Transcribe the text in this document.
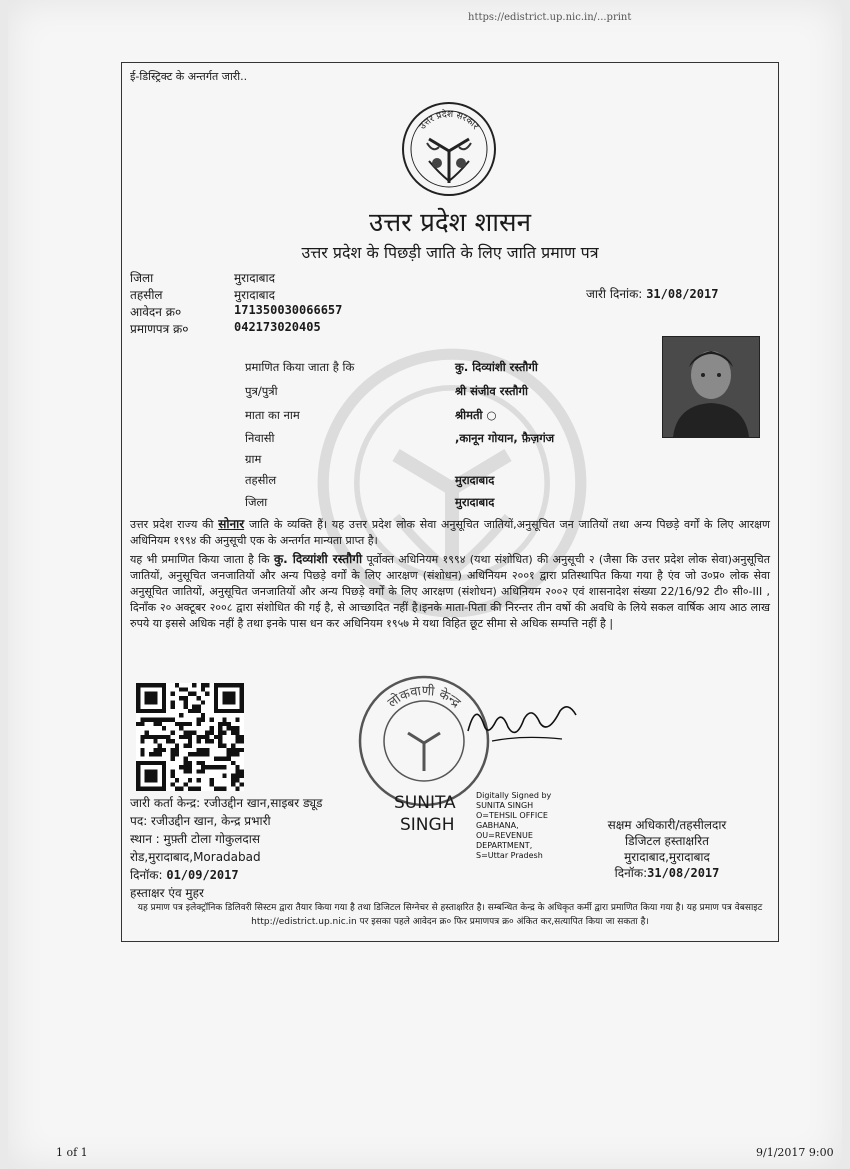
https://edistrict.up.nic.in/...print
ई-डिस्ट्रिक्ट के अन्तर्गत जारी..
उत्तर प्रदेश सरकार
उत्तर प्रदेश शासन
उत्तर प्रदेश के पिछड़ी जाति के लिए जाति प्रमाण पत्र
जिला	मुरादाबाद
तहसील	मुरादाबाद
आवेदन क्र०	171350030066657
प्रमाणपत्र क्र०	042173020405
जारी दिनांक: 31/08/2017
प्रमाणित किया जाता है कि	कु. दिव्यांशी रस्तौगी
पुत्र/पुत्री	श्री संजीव रस्तौगी
माता का नाम	श्रीमती ○
निवासी	,कानून गोयान, फ़ैज़गंज
ग्राम
तहसील	मुरादाबाद
जिला	मुरादाबाद
उत्तर प्रदेश राज्य की सोनार जाति के व्यक्ति हैं। यह उत्तर प्रदेश लोक सेवा अनुसूचित जातियों,अनुसूचित जन जातियों तथा अन्य पिछड़े वर्गों के लिए आरक्षण अधिनियम १९९४ की अनुसूची एक के अन्तर्गत मान्यता प्राप्त है।
यह भी प्रमाणित किया जाता है कि कु. दिव्यांशी रस्तौगी पूर्वोक्त अधिनियम १९९४ (यथा संशोधित) की अनुसूची २ (जैसा कि उत्तर प्रदेश लोक सेवा)अनुसूचित जातियों, अनुसूचित जनजातियों और अन्य पिछड़े वर्गों के लिए आरक्षण (संशोधन) अधिनियम २००१ द्वारा प्रतिस्थापित किया गया है एंव जो उ०प्र० लोक सेवा अनुसूचित जातियों, अनुसूचित जनजातियों और अन्य पिछड़े वर्गों के लिए आरक्षण (संशोधन) अधिनियम २००२ एवं शासनादेश संख्या 22/16/92 टी० सी०-III , दिनाँक २० अक्टूबर २००८ द्वारा संशोधित की गई है, से आच्छादित नहीं है।इनके माता-पिता की निरन्तर तीन वर्षो की अवधि के लिये सकल वार्षिक आय आठ लाख रुपये या इससे अधिक नहीं है तथा इनके पास धन कर अधिनियम १९५७ मे यथा विहित छूट सीमा से अधिक सम्पत्ति नहीं है |
लोकवाणी केन्द्र
जारी कर्ता केन्द्र: रजीउद्दीन खान,साइबर ड्यूड
पद: रजीउद्दीन खान, केन्द्र प्रभारी
स्थान : मुफ़्ती टोला गोकुलदास
रोड,मुरादाबाद,Moradabad
दिनॉक: 01/09/2017
हस्ताक्षर एंव मुहर
SUNITA
SINGH
Digitally Signed by
SUNITA SINGH
O=TEHSIL OFFICE
GABHANA,
OU=REVENUE
DEPARTMENT,
S=Uttar Pradesh
सक्षम अधिकारी/तहसीलदार
डिजिटल हस्ताक्षरित
मुरादाबाद,मुरादाबाद
दिनॉक:31/08/2017
यह प्रमाण पत्र इलेक्ट्रॉनिक डिलिवरी सिस्टम द्वारा तैयार किया गया है तथा डिजिटल सिग्नेचर से हस्ताक्षरित है। सम्बन्धित केन्द्र के अधिकृत कर्मी द्वारा प्रमाणित किया गया है। यह प्रमाण पत्र वेबसाइट http://edistrict.up.nic.in पर इसका पहले आवेदन क्र० फिर प्रमाणपत्र क्र० अंकित कर,सत्यापित किया जा सकता है।
1 of 1	9/1/2017 9:00
